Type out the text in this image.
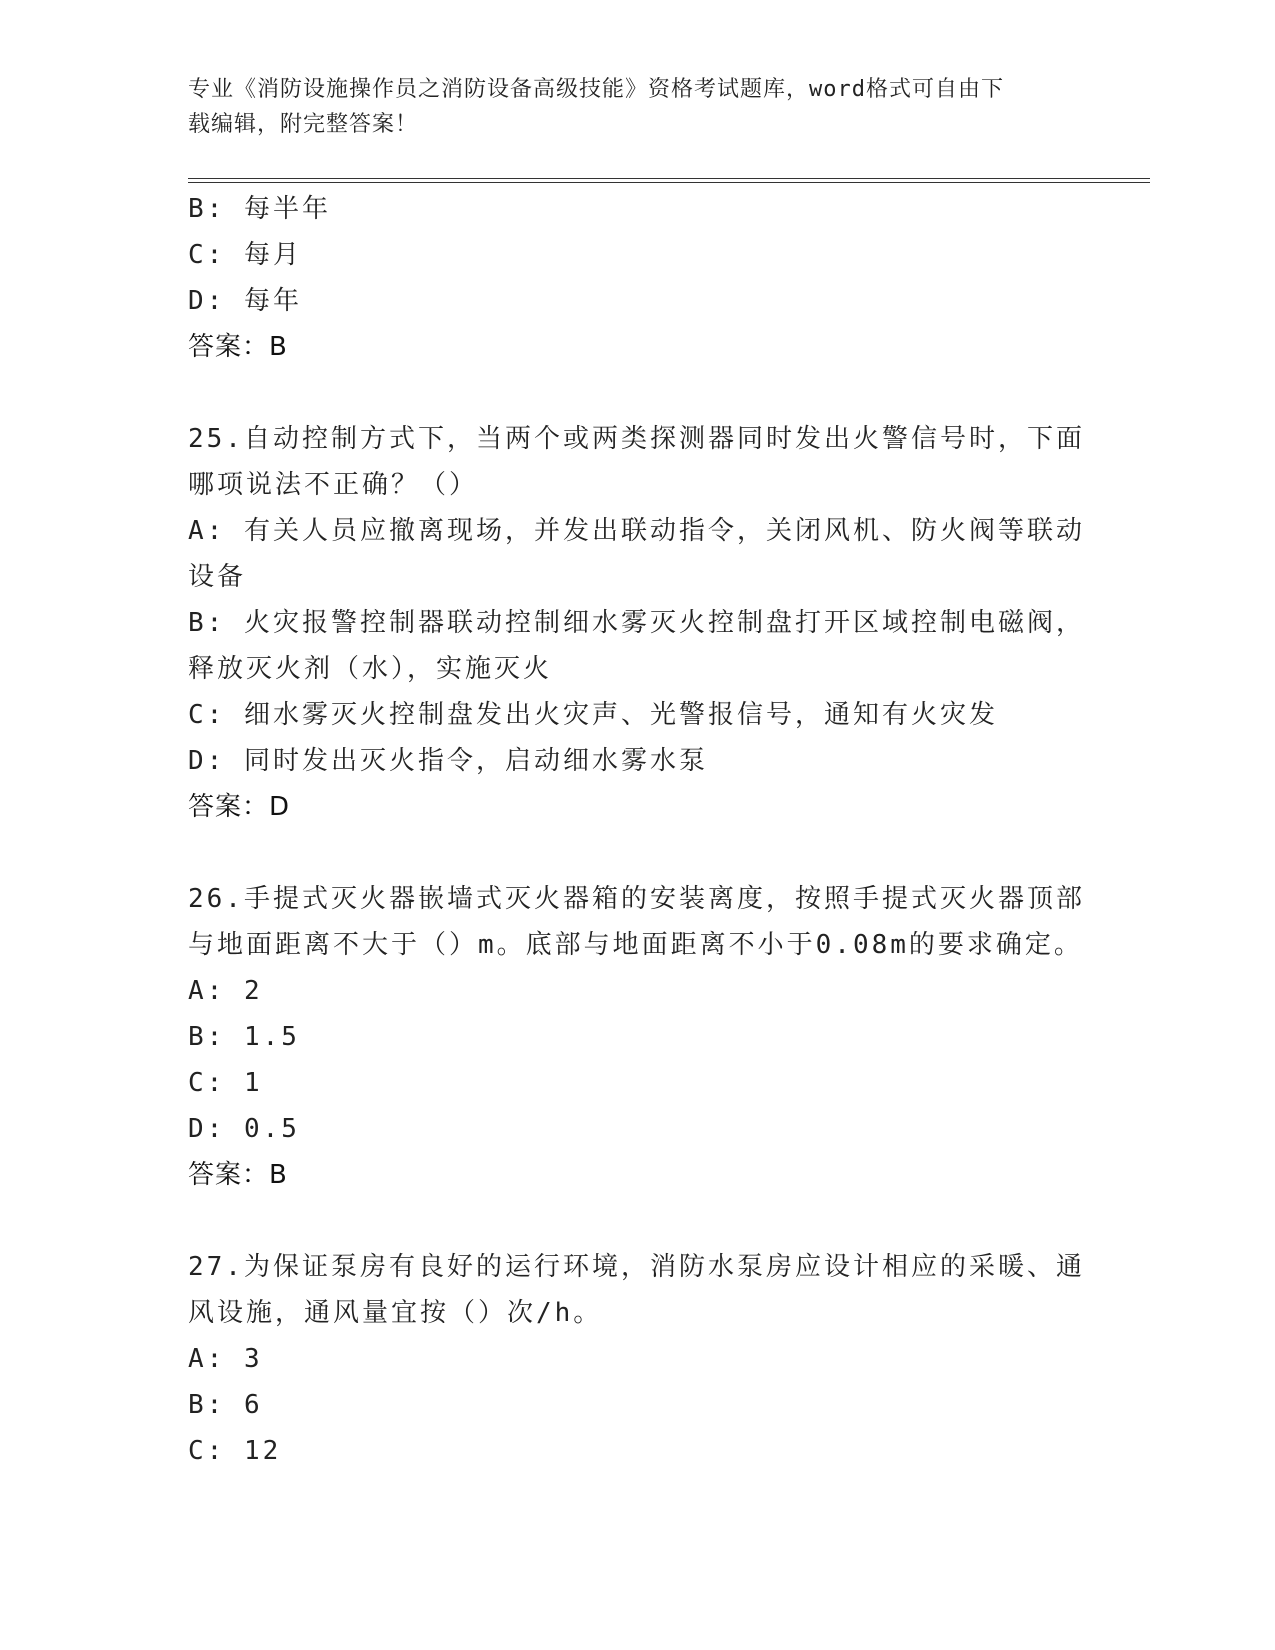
专业《消防设施操作员之消防设备高级技能》资格考试题库，word格式可自由下
载编辑，附完整答案！
B: 每半年
C: 每月
D: 每年
答案：B
25.自动控制方式下，当两个或两类探测器同时发出火警信号时，下面
哪项说法不正确？（）
A: 有关人员应撤离现场，并发出联动指令，关闭风机、防火阀等联动
设备
B: 火灾报警控制器联动控制细水雾灭火控制盘打开区域控制电磁阀，
释放灭火剂（水），实施灭火
C: 细水雾灭火控制盘发出火灾声、光警报信号，通知有火灾发
D: 同时发出灭火指令，启动细水雾水泵
答案：D
26.手提式灭火器嵌墙式灭火器箱的安装离度，按照手提式灭火器顶部
与地面距离不大于（）m。底部与地面距离不小于0.08m的要求确定。
A: 2
B: 1.5
C: 1
D: 0.5
答案：B
27.为保证泵房有良好的运行环境，消防水泵房应设计相应的采暖、通
风设施，通风量宜按（）次/h。
A: 3
B: 6
C: 12
